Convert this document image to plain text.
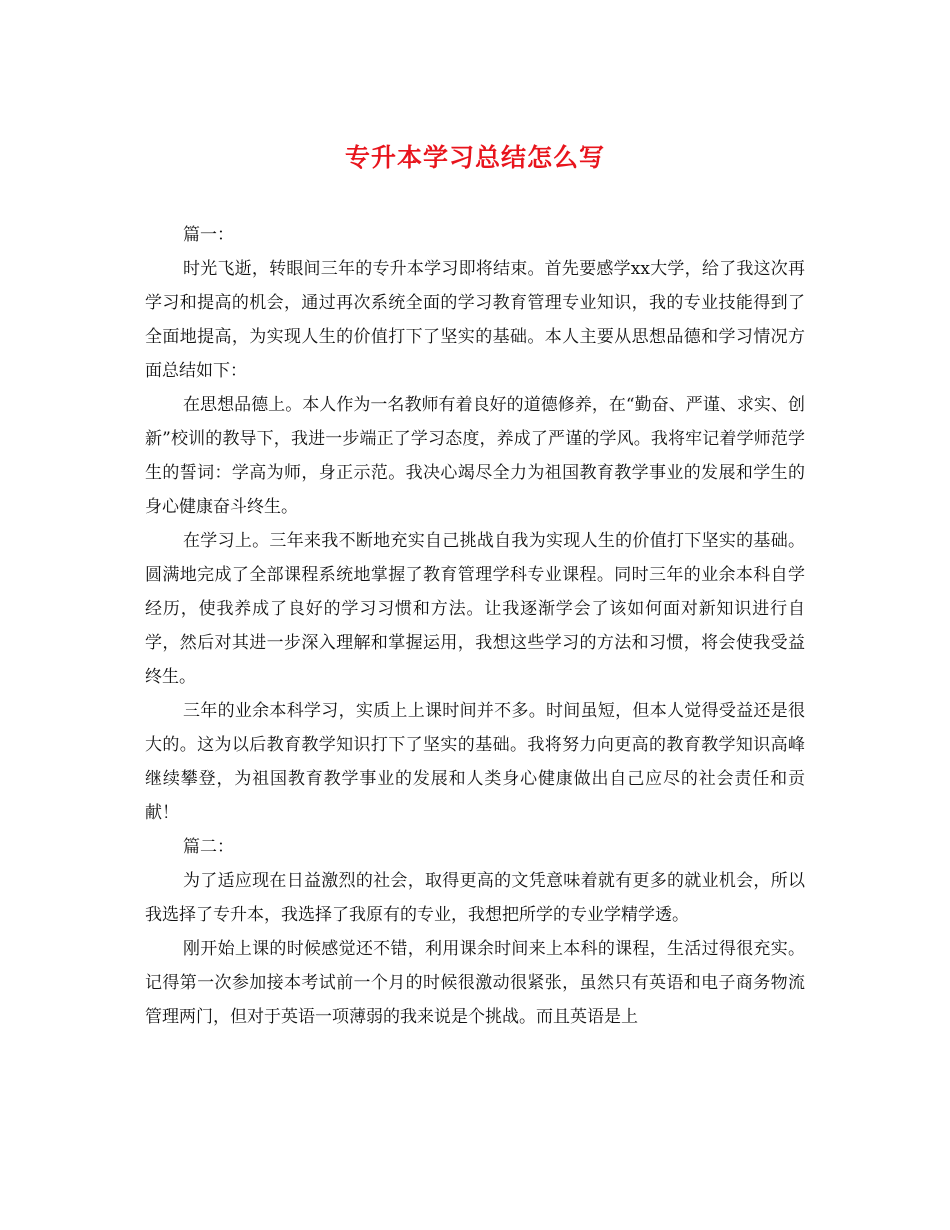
专升本学习总结怎么写

篇一：

时光飞逝，转眼间三年的专升本学习即将结束。首先要感学xx大学，给了我这次再学习和提高的机会，通过再次系统全面的学习教育管理专业知识，我的专业技能得到了全面地提高，为实现人生的价值打下了坚实的基础。本人主要从思想品德和学习情况方面总结如下：

在思想品德上。本人作为一名教师有着良好的道德修养，在“勤奋、严谨、求实、创新”校训的教导下，我进一步端正了学习态度，养成了严谨的学风。我将牢记着学师范学生的誓词：学高为师，身正示范。我决心竭尽全力为祖国教育教学事业的发展和学生的身心健康奋斗终生。

在学习上。三年来我不断地充实自己挑战自我为实现人生的价值打下坚实的基础。圆满地完成了全部课程系统地掌握了教育管理学科专业课程。同时三年的业余本科自学经历，使我养成了良好的学习习惯和方法。让我逐渐学会了该如何面对新知识进行自学，然后对其进一步深入理解和掌握运用，我想这些学习的方法和习惯，将会使我受益终生。

三年的业余本科学习，实质上上课时间并不多。时间虽短，但本人觉得受益还是很大的。这为以后教育教学知识打下了坚实的基础。我将努力向更高的教育教学知识高峰继续攀登，为祖国教育教学事业的发展和人类身心健康做出自己应尽的社会责任和贡献！

篇二：

为了适应现在日益激烈的社会，取得更高的文凭意味着就有更多的就业机会，所以我选择了专升本，我选择了我原有的专业，我想把所学的专业学精学透。

刚开始上课的时候感觉还不错，利用课余时间来上本科的课程，生活过得很充实。记得第一次参加接本考试前一个月的时候很激动很紧张，虽然只有英语和电子商务物流管理两门，但对于英语一项薄弱的我来说是个挑战。而且英语是上
